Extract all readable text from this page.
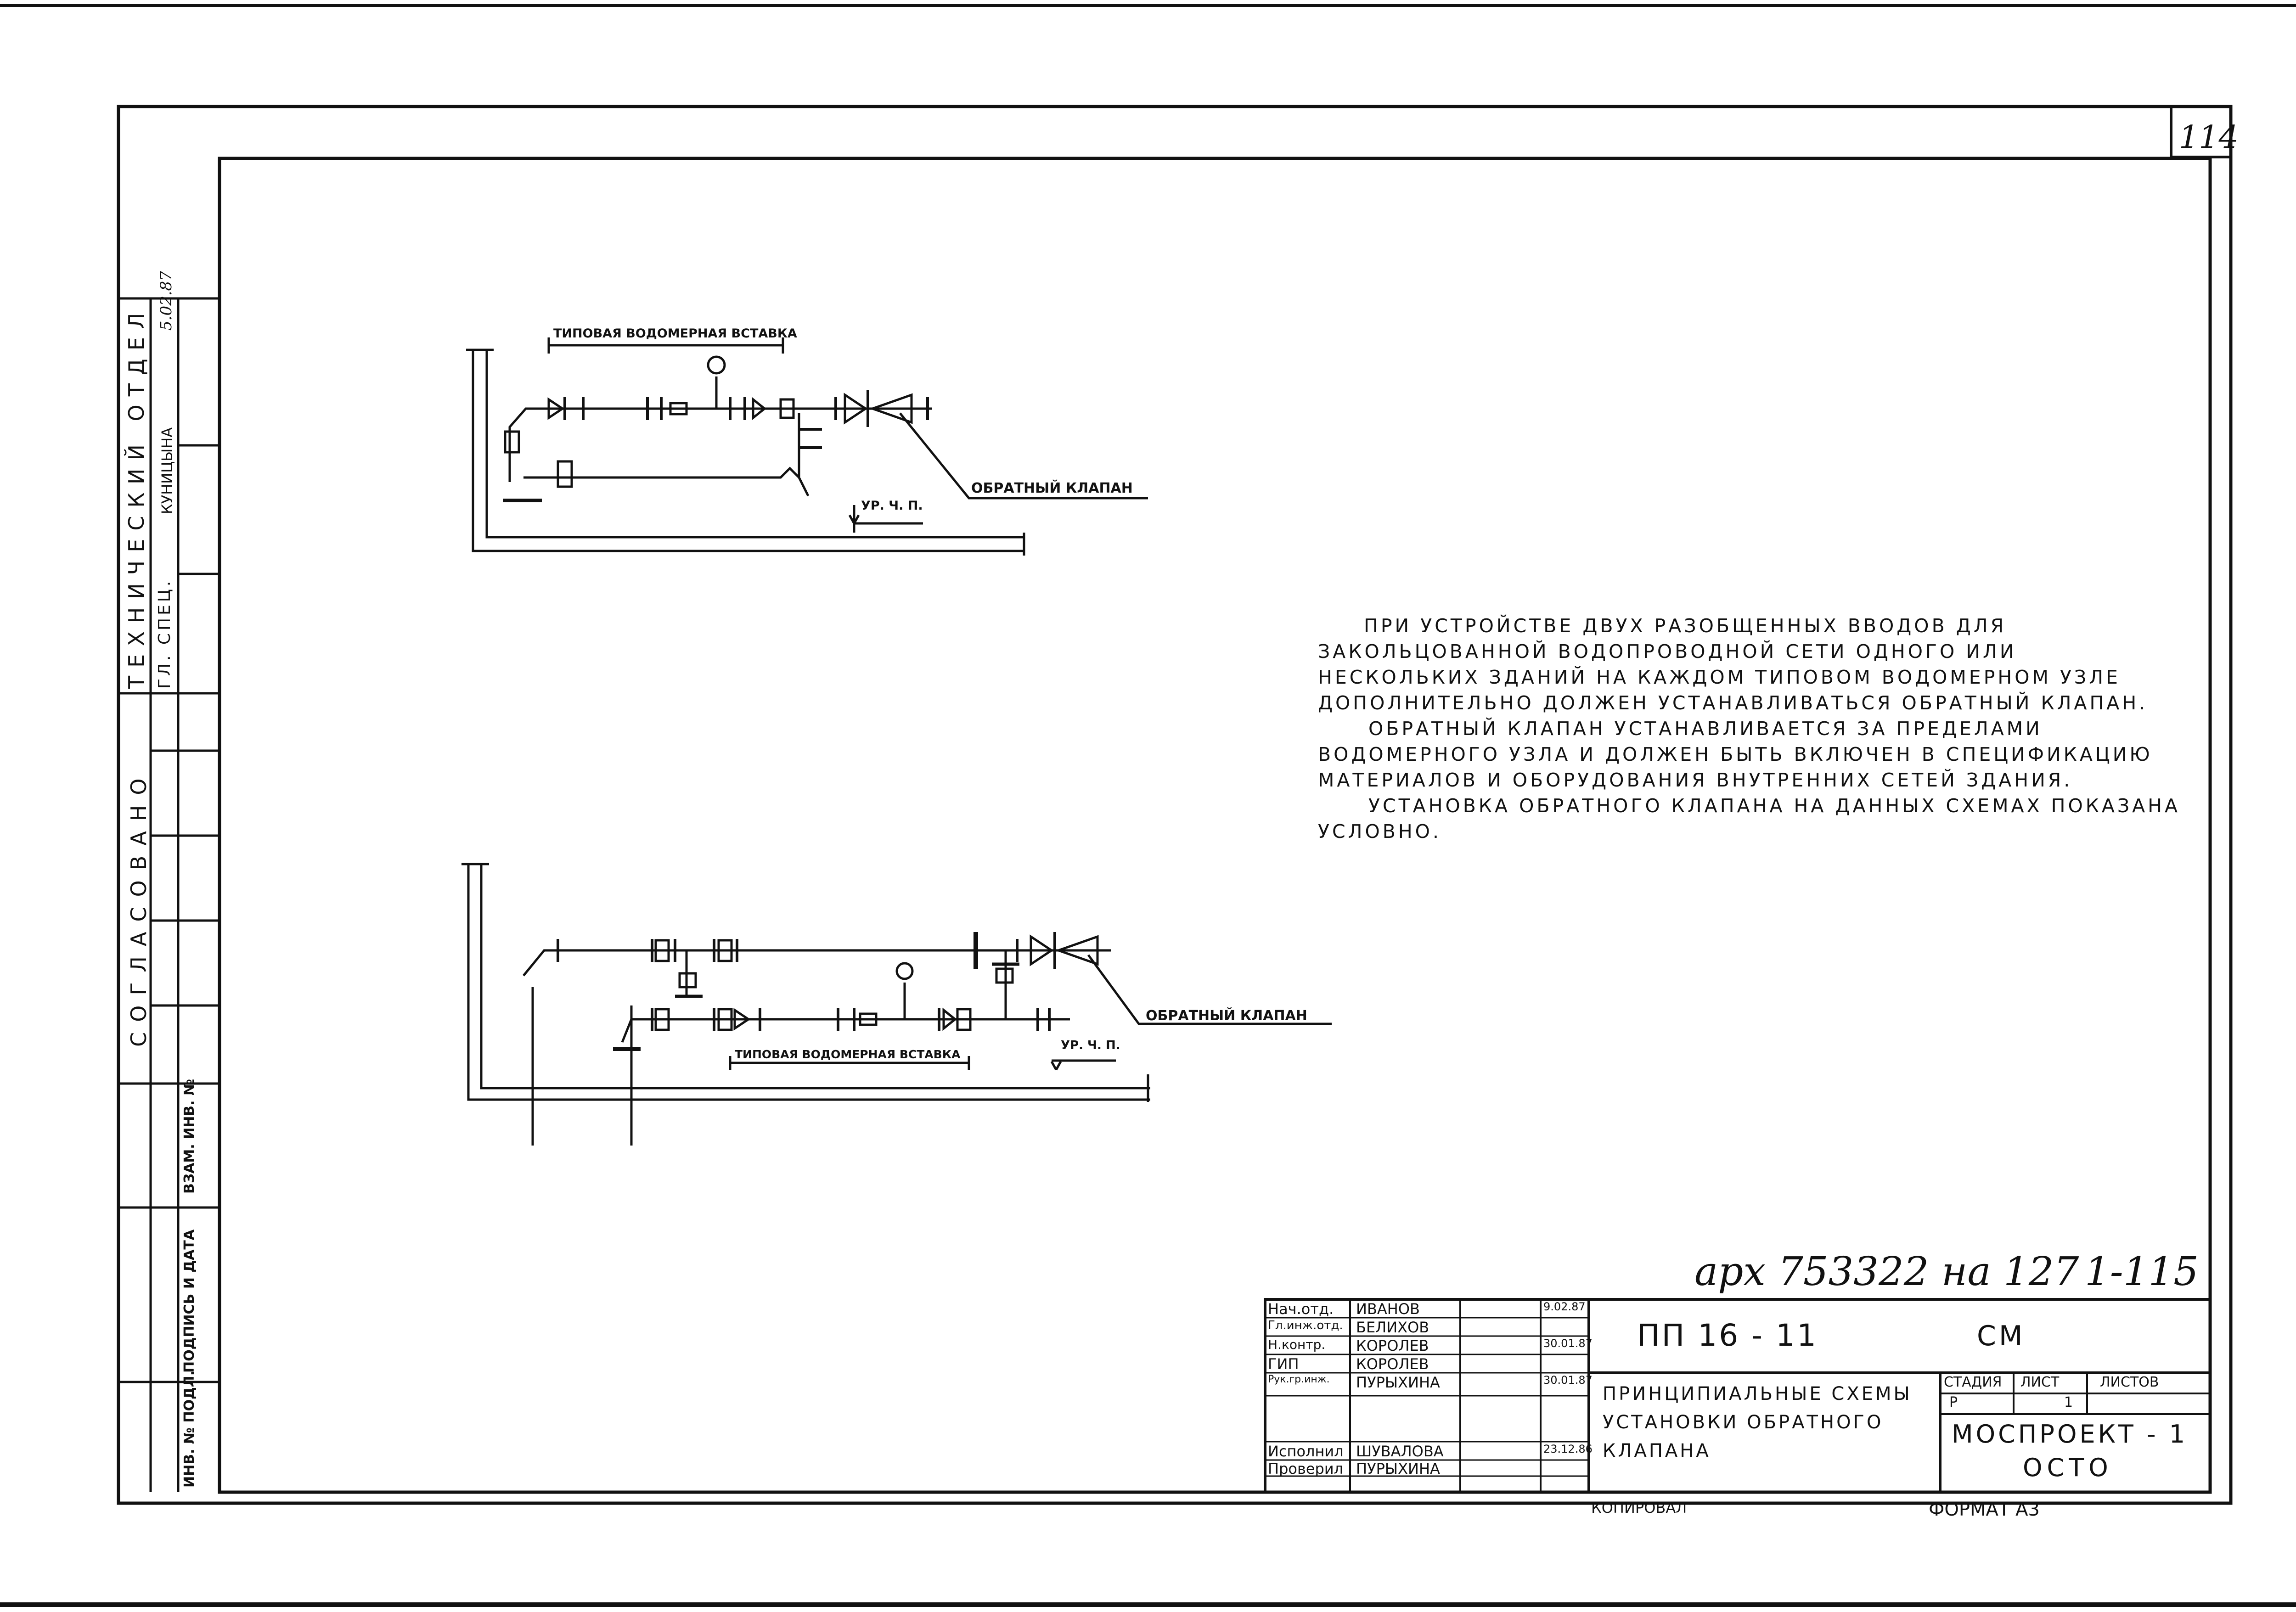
114
ТИПОВАЯ ВОДОМЕРНАЯ ВСТАВКА
ОБРАТНЫЙ КЛАПАН
УР. Ч. П.
ТИПОВАЯ ВОДОМЕРНАЯ ВСТАВКА
ОБРАТНЫЙ КЛАПАН
УР. Ч. П.
арх 753322 на 127 1-115

ПРИ УСТРОЙСТВЕ ДВУХ РАЗОБЩЕННЫХ ВВОДОВ ДЛЯ ЗАКОЛЬЦОВАННОЙ ВОДОПРОВОДНОЙ СЕТИ ОДНОГО ИЛИ НЕСКОЛЬКИХ ЗДАНИЙ НА КАЖДОМ ТИПОВОМ ВОДОМЕРНОМ УЗЛЕ ДОПОЛНИТЕЛЬНО ДОЛЖЕН УСТАНАВЛИВАТЬСЯ ОБРАТНЫЙ КЛАПАН.

ОБРАТНЫЙ КЛАПАН УСТАНАВЛИВАЕТСЯ ЗА ПРЕДЕЛАМИ ВОДОМЕРНОГО УЗЛА И ДОЛЖЕН БЫТЬ ВКЛЮЧЕН В СПЕЦИФИКАЦИЮ МАТЕРИАЛОВ И ОБОРУДОВАНИЯ ВНУТРЕННИХ СЕТЕЙ ЗДАНИЯ.

УСТАНОВКА ОБРАТНОГО КЛАПАНА НА ДАННЫХ СХЕМАХ ПОКАЗАНА УСЛОВНО.

ТЕХНИЧЕСКИЙ ОТДЕЛ ГЛ. СПЕЦ.
КУНИЦЫНА
5.02.87
СОГЛАСОВАНО
ВЗАМ. ИНВ. №
ПОДПИСЬ И ДАТА
ИНВ. № ПОДЛ.
Нач.отд.	ИВАНОВ	9.02.87
Гл.инж.отд. БЕЛИХОВ
Н.контр.	КОРОЛЕВ	30.01.87
ГИП	КОРОЛЕВ
Рук.гр.инж.	ПУРЫХИНА	30.01.87
Исполнил ШУВАЛОВА	23.12.86
Проверил ПУРЫХИНА
ПП 16 - 11	СМ
ПРИНЦИПИАЛЬНЫЕ СХЕМЫ УСТАНОВКИ ОБРАТНОГО КЛАПАНА
СТАДИЯ ЛИСТ	ЛИСТОВ
Р	1
МОСПРОЕКТ - 1
ОСТО
КОПИРОВАЛ	ФОРМАТ А3
